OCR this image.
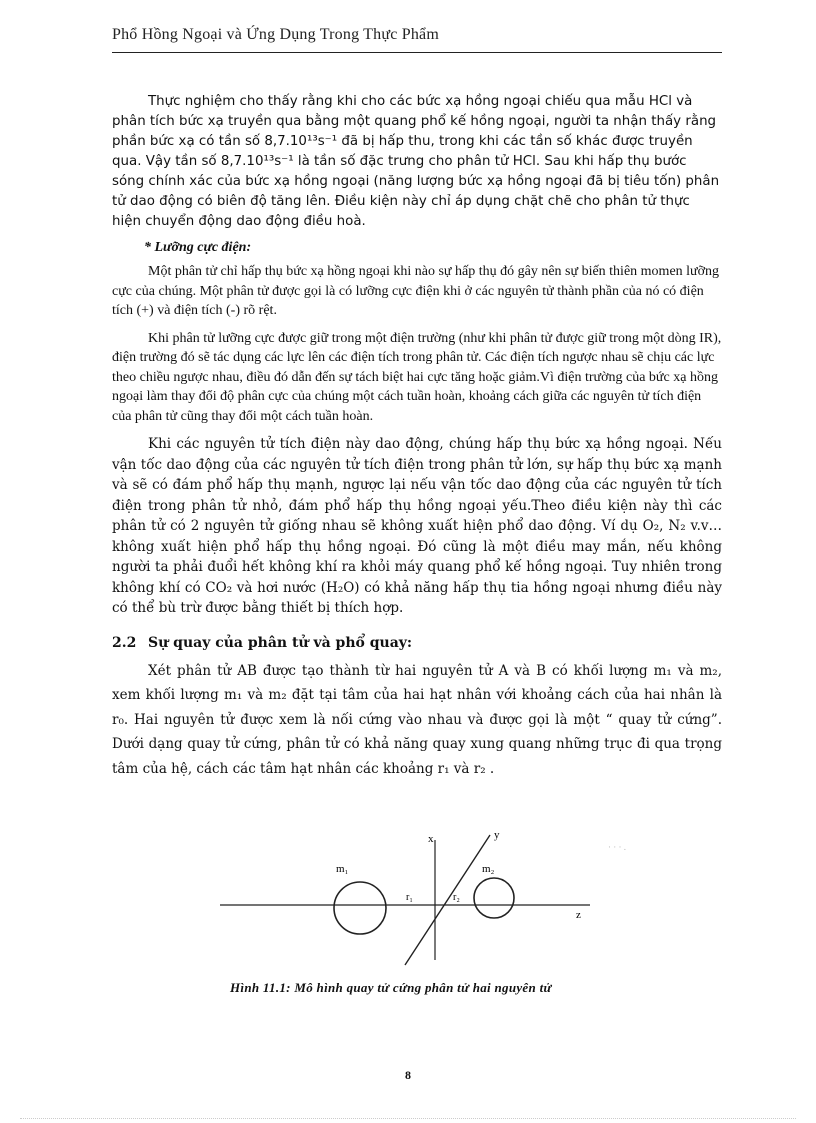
Phổ Hồng Ngoại và Ứng Dụng Trong Thực Phẩm

Thực nghiệm cho thấy rằng khi cho các bức xạ hồng ngoại chiếu qua mẫu HCl và phân tích bức xạ truyền qua bằng một quang phổ kế hồng ngoại, người ta nhận thấy rằng phần bức xạ có tần số 8,7.10¹³s⁻¹ đã bị hấp thu, trong khi các tần số khác được truyền qua. Vậy tần số 8,7.10¹³s⁻¹ là tần số đặc trưng cho phân tử HCl. Sau khi hấp thụ bước sóng chính xác của bức xạ hồng ngoại (năng lượng bức xạ hồng ngoại đã bị tiêu tốn) phân tử dao động có biên độ tăng lên. Điều kiện này chỉ áp dụng chặt chẽ cho phân tử thực hiện chuyển động dao động điều hoà.

* Lưỡng cực điện:

Một phân tử chỉ hấp thụ bức xạ hồng ngoại khi nào sự hấp thụ đó gây nên sự biến thiên momen lưỡng cực của chúng. Một phân tử được gọi là có lưỡng cực điện khi ở các nguyên tử thành phần của nó có điện tích (+) và điện tích (-) rõ rệt.

Khi phân tử lưỡng cực được giữ trong một điện trường (như khi phân tử được giữ trong một dòng IR), điện trường đó sẽ tác dụng các lực lên các điện tích trong phân tử. Các điện tích ngược nhau sẽ chịu các lực theo chiều ngược nhau, điều đó dẫn đến sự tách biệt hai cực tăng hoặc giảm.Vì điện trường của bức xạ hồng ngoại làm thay đổi độ phân cực của chúng một cách tuần hoàn, khoảng cách giữa các nguyên tử tích điện của phân tử cũng thay đổi một cách tuần hoàn.

Khi các nguyên tử tích điện này dao động, chúng hấp thụ bức xạ hồng ngoại. Nếu vận tốc dao động của các nguyên tử tích điện trong phân tử lớn, sự hấp thụ bức xạ mạnh và sẽ có đám phổ hấp thụ mạnh, ngược lại nếu vận tốc dao động của các nguyên tử tích điện trong phân tử nhỏ, đám phổ hấp thụ hồng ngoại yếu.Theo điều kiện này thì các phân tử có 2 nguyên tử giống nhau sẽ không xuất hiện phổ dao động. Ví dụ O₂, N₂ v.v… không xuất hiện phổ hấp thụ hồng ngoại. Đó cũng là một điều may mắn, nếu không người ta phải đuổi hết không khí ra khỏi máy quang phổ kế hồng ngoại. Tuy nhiên trong không khí có CO₂ và hơi nước (H₂O) có khả năng hấp thụ tia hồng ngoại nhưng điều này có thể bù trừ được bằng thiết bị thích hợp.

2.2 Sự quay của phân tử và phổ quay:

Xét phân tử AB được tạo thành từ hai nguyên tử A và B có khối lượng m₁ và m₂, xem khối lượng m₁ và m₂ đặt tại tâm của hai hạt nhân với khoảng cách của hai nhân là r₀. Hai nguyên tử được xem là nối cứng vào nhau và được gọi là một “ quay tử cứng”. Dưới dạng quay tử cứng, phân tử có khả năng quay xung quang những trục đi qua trọng tâm của hệ, cách các tâm hạt nhân các khoảng r₁ và r₂ .

x	y
z
m₁	m₂
r₁	r₂
· · · .
Hình 11.1: Mô hình quay tử cứng phân tử hai nguyên tử
8
